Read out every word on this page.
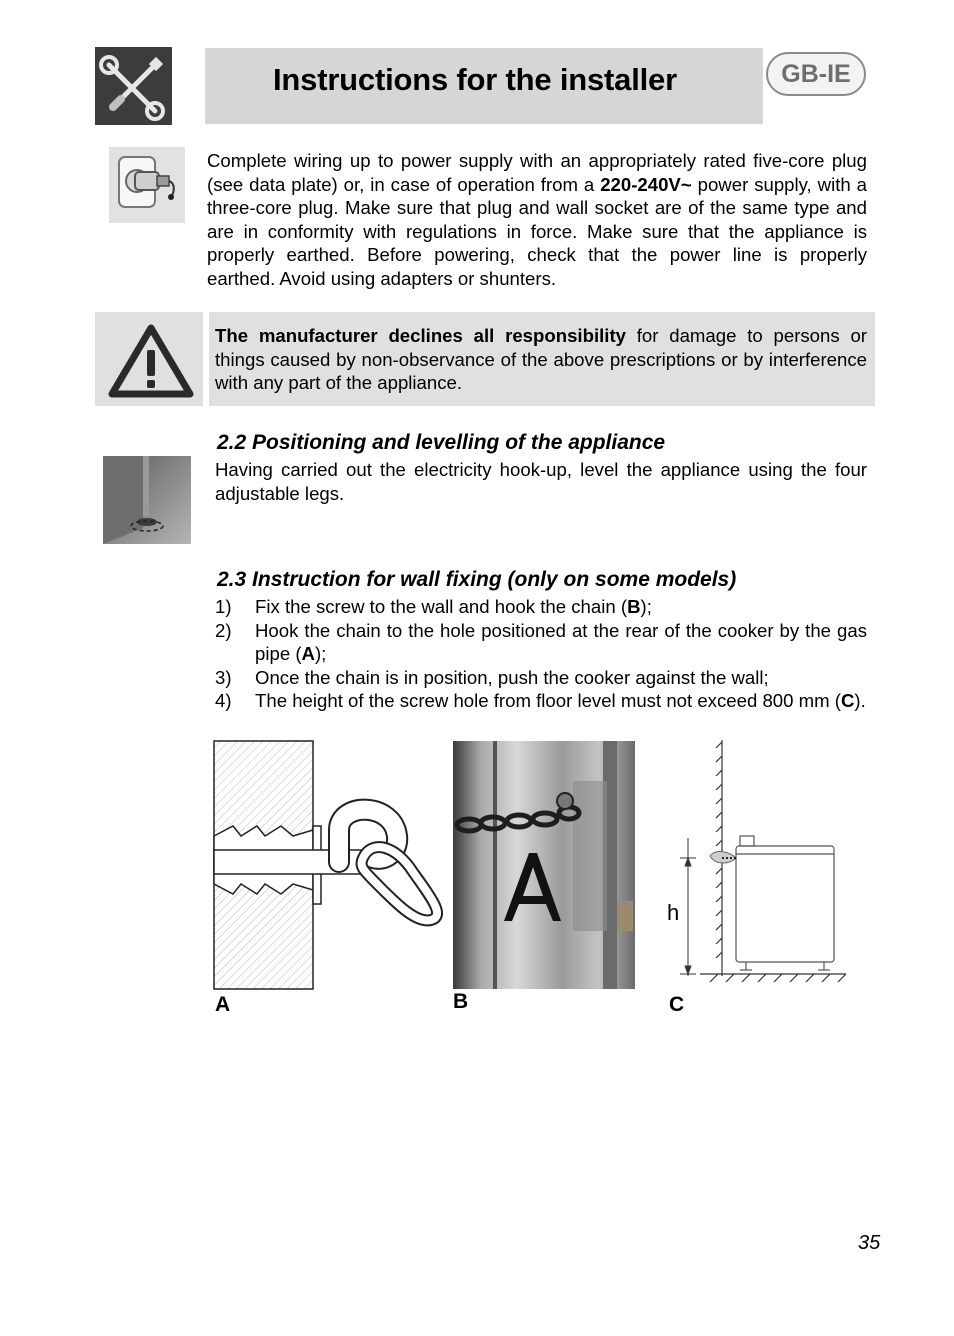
Instructions for the installer	GB-IE
Complete wiring up to power supply with an appropriately rated five-core plug (see data plate) or, in case of operation from a 220-240V~ power supply, with a three-core plug. Make sure that plug and wall socket are of the same type and are in conformity with regulations in force. Make sure that the appliance is properly earthed. Before powering, check that the power line is properly earthed. Avoid using adapters or shunters.
The manufacturer declines all responsibility for damage to persons or things caused by non-observance of the above prescriptions or by interference with any part of the appliance.
2.2 Positioning and levelling of the appliance
Having carried out the electricity hook-up, level the appliance using the four adjustable legs.
2.3 Instruction for wall fixing (only on some models)
1) Fix the screw to the wall and hook the chain (B);
2) Hook the chain to the hole positioned at the rear of the cooker by the gas pipe (A);
3) Once the chain is in position, push the cooker against the wall;
4) The height of the screw hole from floor level must not exceed 800 mm (C).
A	B
h
C
35
